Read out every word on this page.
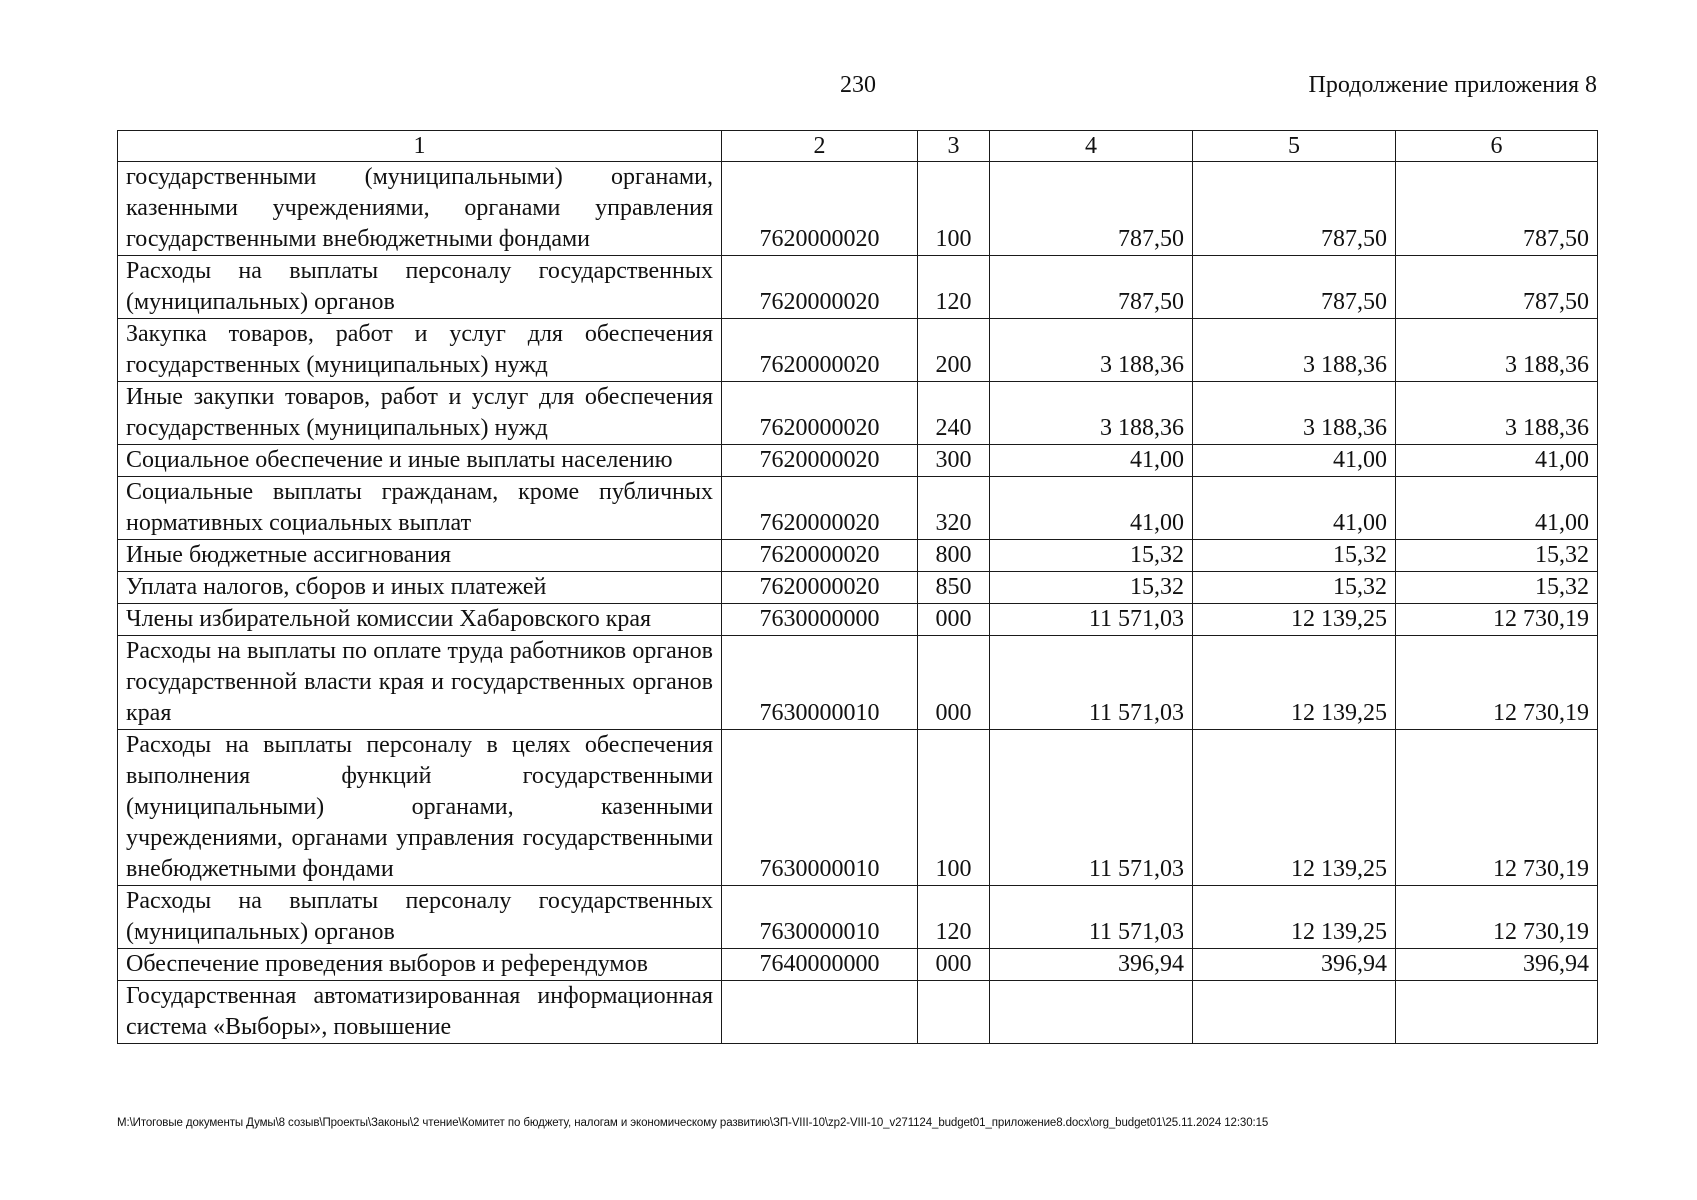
230	Продолжение приложения 8
1	2	3	4	5	6
государственными (муниципальными) органами, казенными учреждениями, органами управления государственными внебюджетными фондами	7620000020	100	787,50	787,50	787,50
Расходы на выплаты персоналу государственных (муниципальных) органов	7620000020	120	787,50	787,50	787,50
Закупка товаров, работ и услуг для обеспечения государственных (муниципальных) нужд	7620000020	200	3 188,36	3 188,36	3 188,36
Иные закупки товаров, работ и услуг для обеспечения государственных (муниципальных) нужд	7620000020	240	3 188,36	3 188,36	3 188,36
Социальное обеспечение и иные выплаты населению	7620000020	300	41,00	41,00	41,00
Социальные выплаты гражданам, кроме публичных нормативных социальных выплат	7620000020	320	41,00	41,00	41,00
Иные бюджетные ассигнования	7620000020	800	15,32	15,32	15,32
Уплата налогов, сборов и иных платежей	7620000020	850	15,32	15,32	15,32
Члены избирательной комиссии Хабаровского края	7630000000	000	11 571,03	12 139,25	12 730,19
Расходы на выплаты по оплате труда работников органов государственной власти края и государственных органов края	7630000010	000	11 571,03	12 139,25	12 730,19
Расходы на выплаты персоналу в целях обеспечения выполнения функций государственными (муниципальными) органами, казенными учреждениями, органами управления государственными внебюджетными фондами	7630000010	100	11 571,03	12 139,25	12 730,19
Расходы на выплаты персоналу государственных (муниципальных) органов	7630000010	120	11 571,03	12 139,25	12 730,19
Обеспечение проведения выборов и референдумов	7640000000	000	396,94	396,94	396,94
Государственная автоматизированная информационная система «Выборы», повышение					
M:\Итоговые документы Думы\8 созыв\Проекты\Законы\2 чтение\Комитет по бюджету, налогам и экономическому развитию\ЗП-VIII-10\zp2-VIII-10_v271124_budget01_приложение8.docx\org_budget01\25.11.2024 12:30:15
